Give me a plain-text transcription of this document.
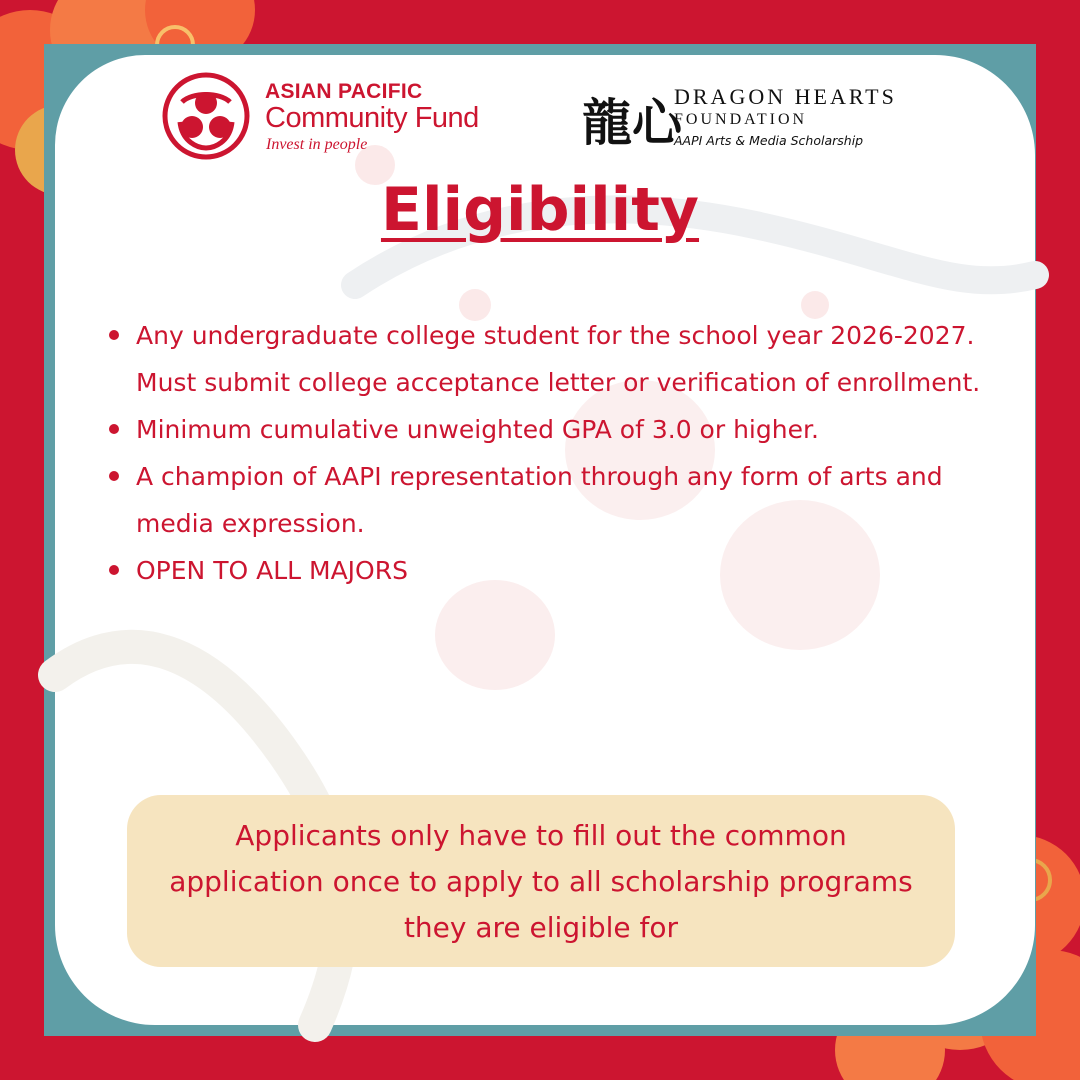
ASIAN PACIFIC
Community Fund
Invest in people	龍心
DRAGON HEARTS
FOUNDATION
AAPI Arts & Media Scholarship
Eligibility
Any undergraduate college student for the school year 2026-2027. Must submit college acceptance letter or verification of enrollment.
Minimum cumulative unweighted GPA of 3.0 or higher.
A champion of AAPI representation through any form of arts and media expression.
OPEN TO ALL MAJORS
Applicants only have to fill out the common application once to apply to all scholarship programs they are eligible for
